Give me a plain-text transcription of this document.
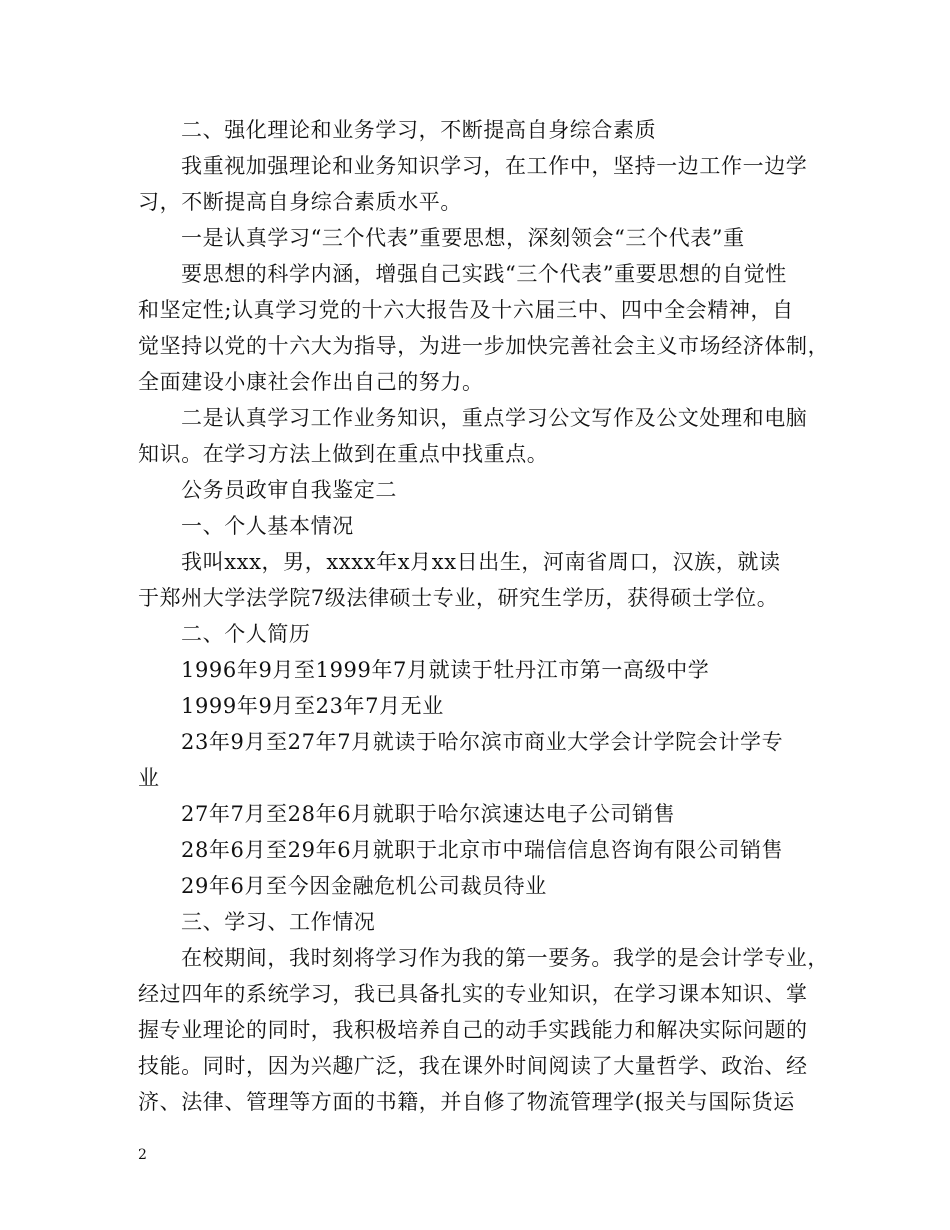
二、强化理论和业务学习，不断提高自身综合素质
我重视加强理论和业务知识学习，在工作中，坚持一边工作一边学
习，不断提高自身综合素质水平。
一是认真学习“三个代表”重要思想，深刻领会“三个代表”重
要思想的科学内涵，增强自己实践“三个代表”重要思想的自觉性
和坚定性;认真学习党的十六大报告及十六届三中、四中全会精神，自
觉坚持以党的十六大为指导，为进一步加快完善社会主义市场经济体制，
全面建设小康社会作出自己的努力。
二是认真学习工作业务知识，重点学习公文写作及公文处理和电脑
知识。在学习方法上做到在重点中找重点。
公务员政审自我鉴定二
一、个人基本情况
我叫xxx，男，xxxx年x月xx日出生，河南省周口，汉族，就读
于郑州大学法学院7级法律硕士专业，研究生学历，获得硕士学位。
二、个人简历
1996年9月至1999年7月就读于牡丹江市第一高级中学
1999年9月至23年7月无业
23年9月至27年7月就读于哈尔滨市商业大学会计学院会计学专
业
27年7月至28年6月就职于哈尔滨速达电子公司销售
28年6月至29年6月就职于北京市中瑞信信息咨询有限公司销售
29年6月至今因金融危机公司裁员待业
三、学习、工作情况
在校期间，我时刻将学习作为我的第一要务。我学的是会计学专业，
经过四年的系统学习，我已具备扎实的专业知识，在学习课本知识、掌
握专业理论的同时，我积极培养自己的动手实践能力和解决实际问题的
技能。同时，因为兴趣广泛，我在课外时间阅读了大量哲学、政治、经
济、法律、管理等方面的书籍，并自修了物流管理学(报关与国际货运
2
